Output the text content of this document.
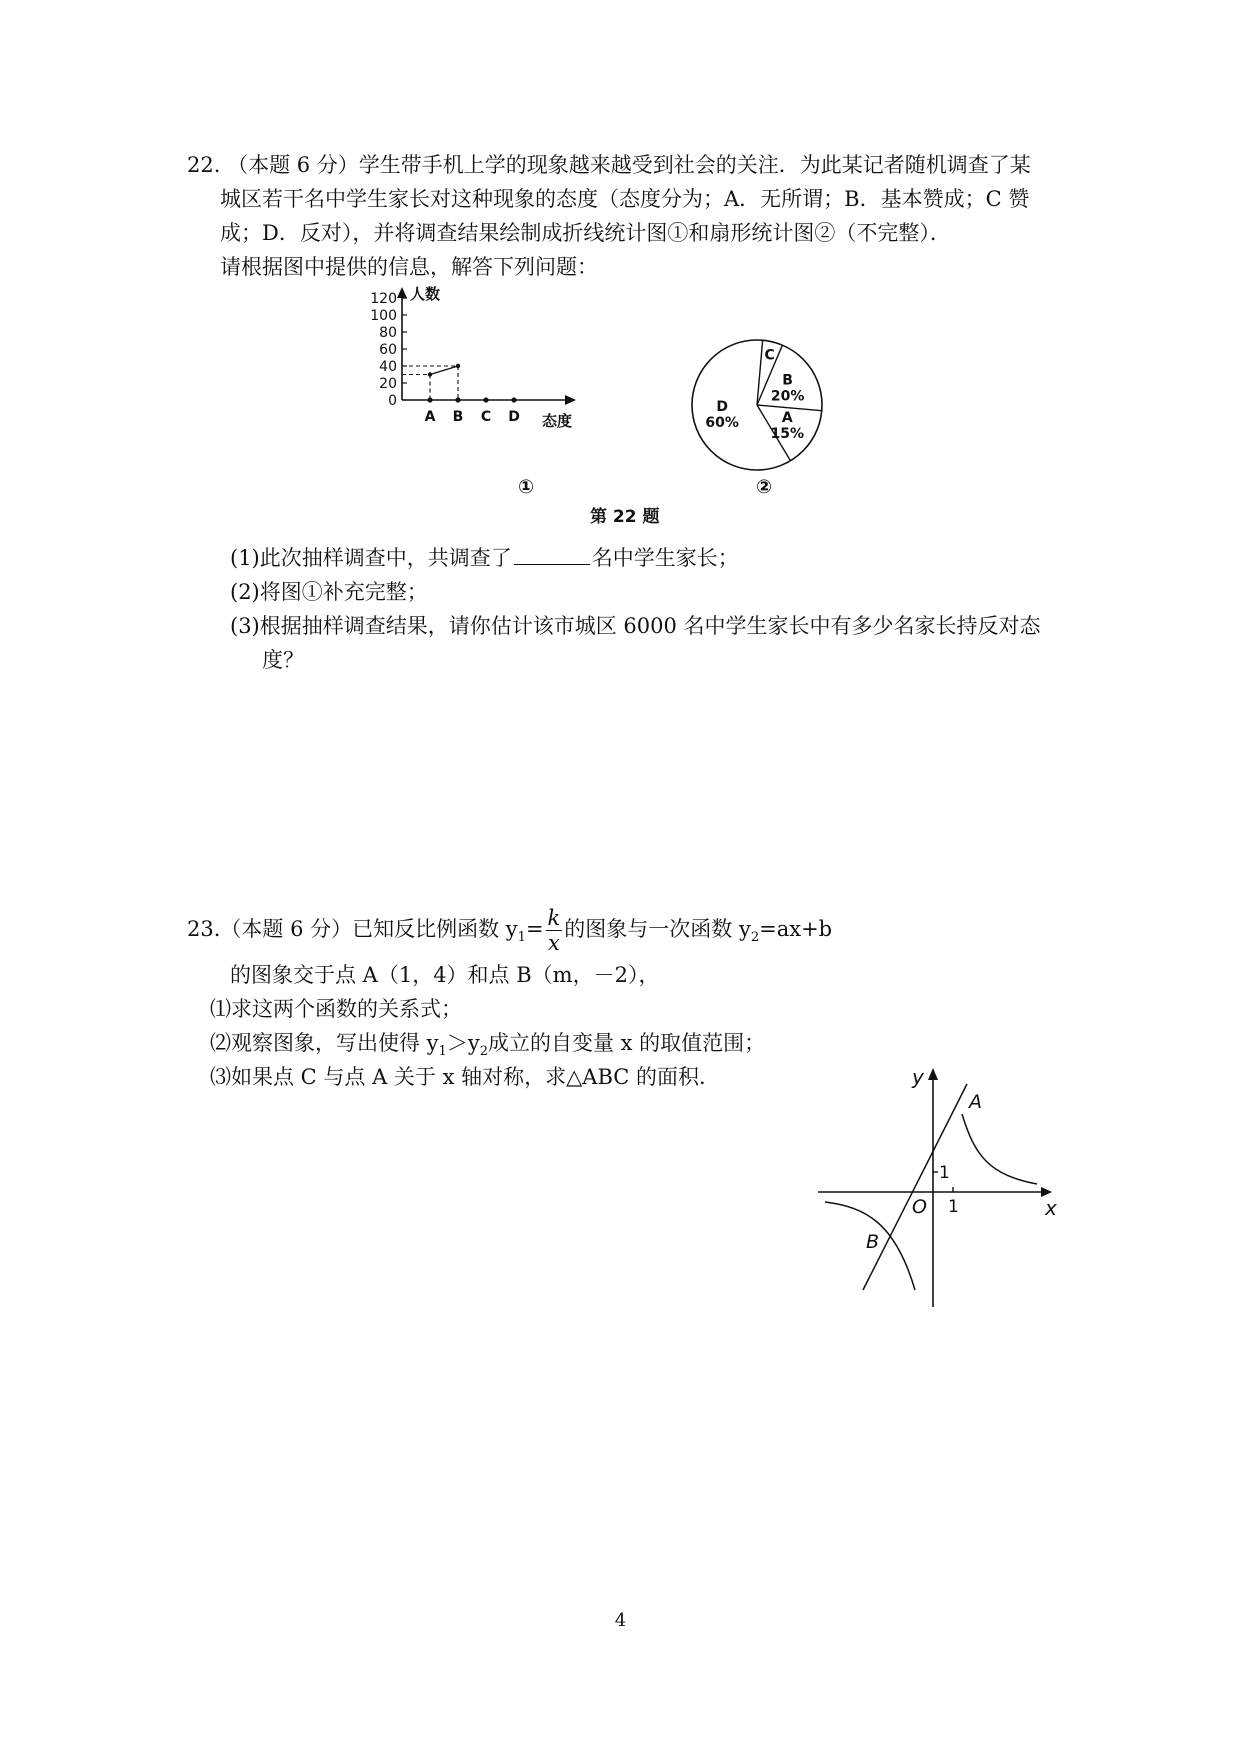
22. （本题 6 分）学生带手机上学的现象越来越受到社会的关注．为此某记者随机调查了某
城区若干名中学生家长对这种现象的态度（态度分为；A．无所谓；B．基本赞成；C 赞
成；D．反对），并将调查结果绘制成折线统计图①和扇形统计图②（不完整）．
请根据图中提供的信息，解答下列问题：
人数
态度
0
20
40
60
80
100
120
A B C D	A
15%
D
60%
C
B
20%
第 22 题
①	②
(1)此次抽样调查中，共调查了	名中学生家长；
(2)将图①补充完整；
(3)根据抽样调查结果，请你估计该市城区 6000 名中学生家长中有多少名家长持反对态
度？
23.（本题 6 分）已知反比例函数 $y_1= \frac{k}{x}$ 的图象与一次函数 $y_2=ax+b$
的图象交于点 A（1，4）和点 B（m，－2），
⑴求这两个函数的关系式；
⑵观察图象，写出使得 $y_1>y_2$成立的自变量 x 的取值范围；
⑶如果点 C 与点 A 关于 x 轴对称，求△ABC 的面积.	y
x
O 1
1
A
B
4
